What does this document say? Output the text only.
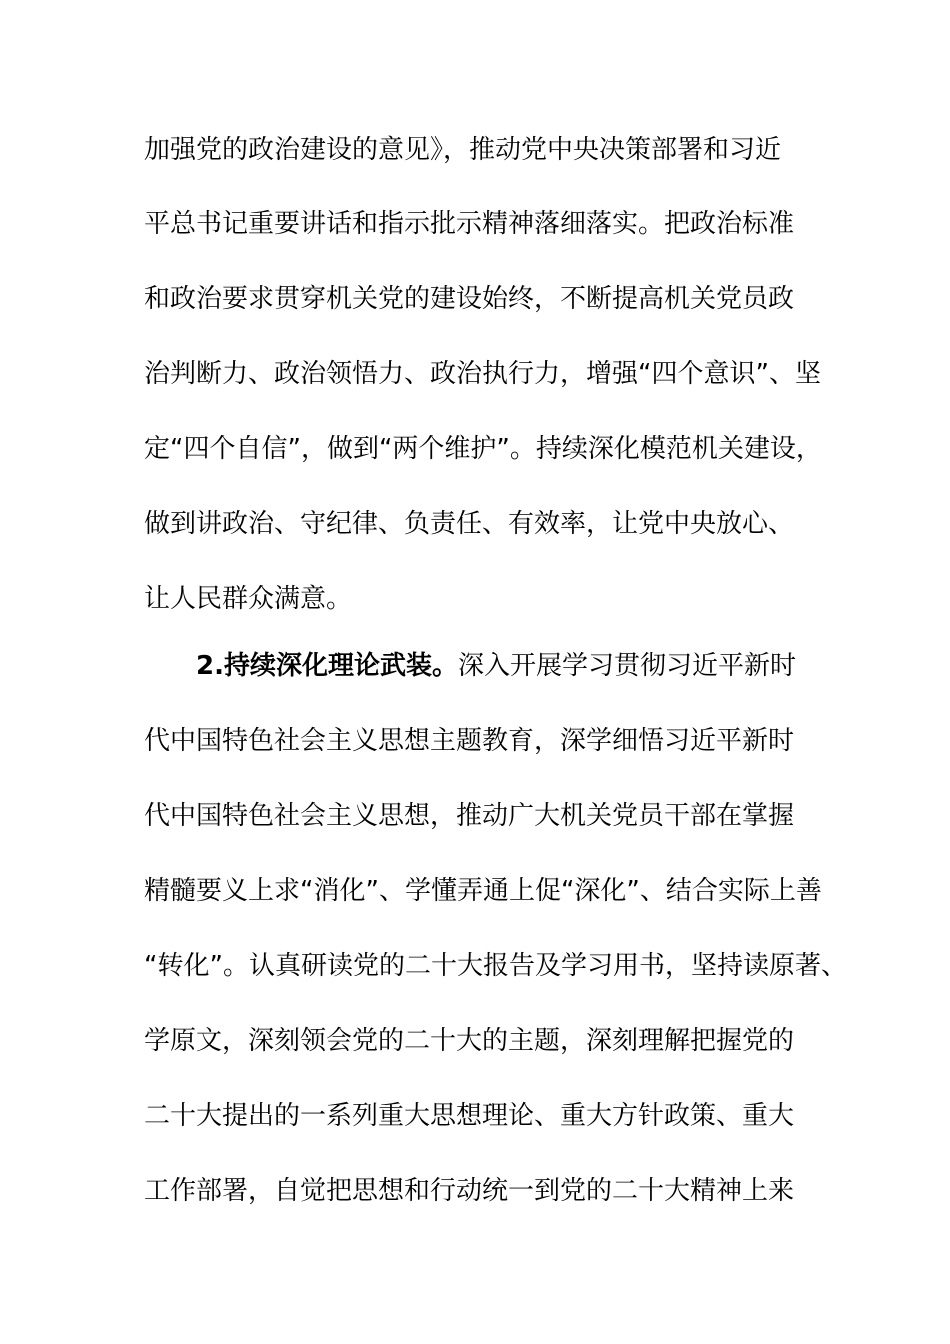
加强党的政治建设的意见》，推动党中央决策部署和习近
平总书记重要讲话和指示批示精神落细落实。把政治标准
和政治要求贯穿机关党的建设始终，不断提高机关党员政
治判断力、政治领悟力、政治执行力，增强“四个意识”、坚
定“四个自信”，做到“两个维护”。持续深化模范机关建设，
做到讲政治、守纪律、负责任、有效率，让党中央放心、
让人民群众满意。
2.持续深化理论武装。深入开展学习贯彻习近平新时
代中国特色社会主义思想主题教育，深学细悟习近平新时
代中国特色社会主义思想，推动广大机关党员干部在掌握
精髓要义上求“消化”、学懂弄通上促“深化”、结合实际上善
“转化”。认真研读党的二十大报告及学习用书，坚持读原著、
学原文，深刻领会党的二十大的主题，深刻理解把握党的
二十大提出的一系列重大思想理论、重大方针政策、重大
工作部署，自觉把思想和行动统一到党的二十大精神上来
